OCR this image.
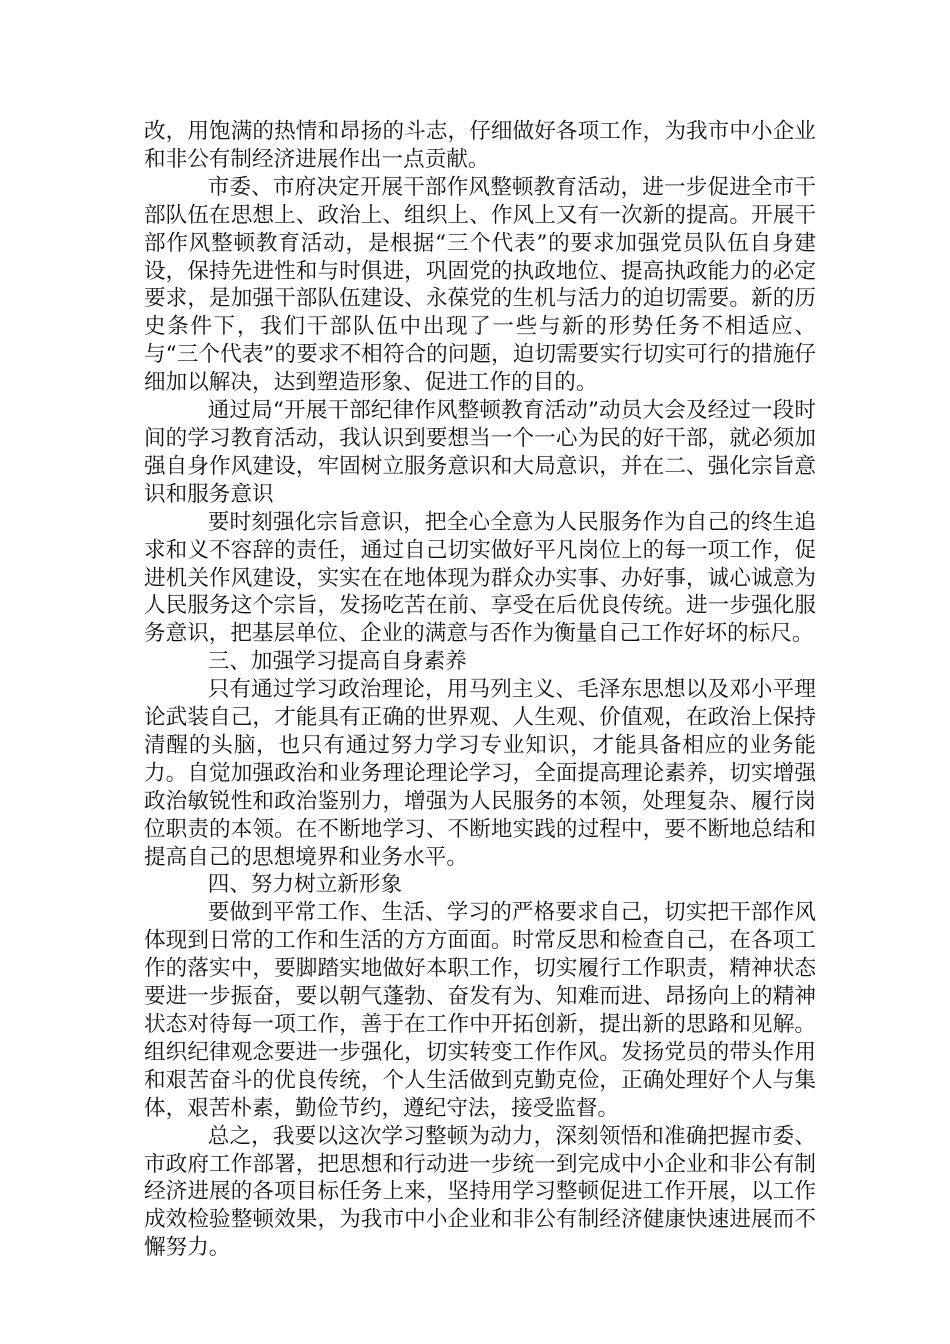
改，用饱满的热情和昂扬的斗志，仔细做好各项工作，为我市中小企业和非公有制经济进展作出一点贡献。

市委、市府决定开展干部作风整顿教育活动，进一步促进全市干部队伍在思想上、政治上、组织上、作风上又有一次新的提高。开展干部作风整顿教育活动，是根据“三个代表”的要求加强党员队伍自身建设，保持先进性和与时俱进，巩固党的执政地位、提高执政能力的必定要求，是加强干部队伍建设、永葆党的生机与活力的迫切需要。新的历史条件下，我们干部队伍中出现了一些与新的形势任务不相适应、与“三个代表”的要求不相符合的问题，迫切需要实行切实可行的措施仔细加以解决，达到塑造形象、促进工作的目的。

通过局“开展干部纪律作风整顿教育活动”动员大会及经过一段时间的学习教育活动，我认识到要想当一个一心为民的好干部，就必须加强自身作风建设，牢固树立服务意识和大局意识，并在二、强化宗旨意识和服务意识

要时刻强化宗旨意识，把全心全意为人民服务作为自己的终生追求和义不容辞的责任，通过自己切实做好平凡岗位上的每一项工作，促进机关作风建设，实实在在地体现为群众办实事、办好事，诚心诚意为人民服务这个宗旨，发扬吃苦在前、享受在后优良传统。进一步强化服务意识，把基层单位、企业的满意与否作为衡量自己工作好坏的标尺。

三、加强学习提高自身素养

只有通过学习政治理论，用马列主义、毛泽东思想以及邓小平理论武装自己，才能具有正确的世界观、人生观、价值观，在政治上保持清醒的头脑，也只有通过努力学习专业知识，才能具备相应的业务能力。自觉加强政治和业务理论理论学习，全面提高理论素养，切实增强政治敏锐性和政治鉴别力，增强为人民服务的本领，处理复杂、履行岗位职责的本领。在不断地学习、不断地实践的过程中，要不断地总结和提高自己的思想境界和业务水平。

四、努力树立新形象

要做到平常工作、生活、学习的严格要求自己，切实把干部作风体现到日常的工作和生活的方方面面。时常反思和检查自己，在各项工作的落实中，要脚踏实地做好本职工作，切实履行工作职责，精神状态要进一步振奋，要以朝气蓬勃、奋发有为、知难而进、昂扬向上的精神状态对待每一项工作，善于在工作中开拓创新，提出新的思路和见解。组织纪律观念要进一步强化，切实转变工作作风。发扬党员的带头作用和艰苦奋斗的优良传统，个人生活做到克勤克俭，正确处理好个人与集体，艰苦朴素，勤俭节约，遵纪守法，接受监督。

总之，我要以这次学习整顿为动力，深刻领悟和准确把握市委、市政府工作部署，把思想和行动进一步统一到完成中小企业和非公有制经济进展的各项目标任务上来，坚持用学习整顿促进工作开展，以工作成效检验整顿效果，为我市中小企业和非公有制经济健康快速进展而不懈努力。
